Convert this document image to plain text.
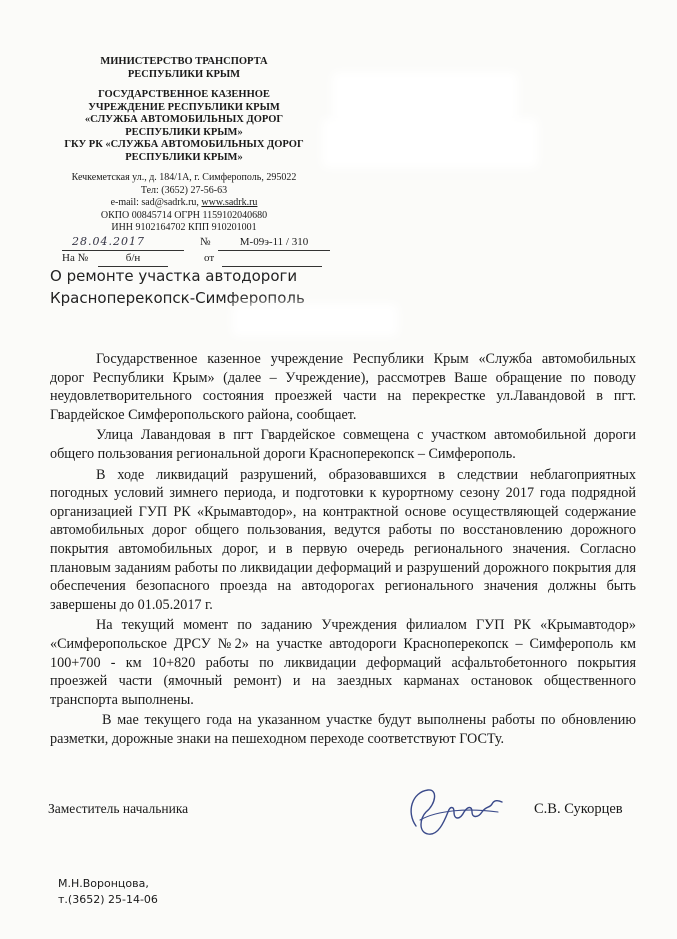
МИНИСТЕРСТВО ТРАНСПОРТА
РЕСПУБЛИКИ КРЫМ
ГОСУДАРСТВЕННОЕ КАЗЕННОЕ
УЧРЕЖДЕНИЕ РЕСПУБЛИКИ КРЫМ
«СЛУЖБА АВТОМОБИЛЬНЫХ ДОРОГ
РЕСПУБЛИКИ КРЫМ»
ГКУ РК «СЛУЖБА АВТОМОБИЛЬНЫХ ДОРОГ
РЕСПУБЛИКИ КРЫМ»
Кечкеметская ул., д. 184/1А, г. Симферополь, 295022
Тел: (3652) 27-56-63
e-mail: sad@sadrk.ru, www.sadrk.ru
ОКПО 00845714 ОГРН 1159102040680
ИНН 9102164702 КПП 910201001
28.04.2017	№	М-09э-11 / 310
На №	б/н	от

О ремонте участка автодороги
Красноперекопск-Симферополь

Государственное казенное учреждение Республики Крым «Служба автомобильных дорог Республики Крым» (далее – Учреждение), рассмотрев Ваше обращение по поводу неудовлетворительного состояния проезжей части на перекрестке ул.Лавандовой в пгт. Гвардейское Симферопольского района, сообщает.

Улица Лавандовая в пгт Гвардейское совмещена с участком автомобильной дороги общего пользования региональной дороги Красноперекопск – Симферополь.

В ходе ликвидаций разрушений, образовавшихся в следствии неблагоприятных погодных условий зимнего периода, и подготовки к курортному сезону 2017 года подрядной организацией ГУП РК «Крымавтодор», на контрактной основе осуществляющей содержание автомобильных дорог общего пользования, ведутся работы по восстановлению дорожного покрытия автомобильных дорог, и в первую очередь регионального значения. Согласно плановым заданиям работы по ликвидации деформаций и разрушений дорожного покрытия для обеспечения безопасного проезда на автодорогах регионального значения должны быть завершены до 01.05.2017 г.

На текущий момент по заданию Учреждения филиалом ГУП РК «Крымавтодор» «Симферопольское ДРСУ №2» на участке автодороги Красноперекопск – Симферополь км 100+700 - км 10+820 работы по ликвидации деформаций асфальтобетонного покрытия проезжей части (ямочный ремонт) и на заездных карманах остановок общественного транспорта выполнены.

В мае текущего года на указанном участке будут выполнены работы по обновлению разметки, дорожные знаки на пешеходном переходе соответствуют ГОСТу.

Заместитель начальника	С.В. Сукорцев
М.Н.Воронцова,
т.(3652) 25-14-06
